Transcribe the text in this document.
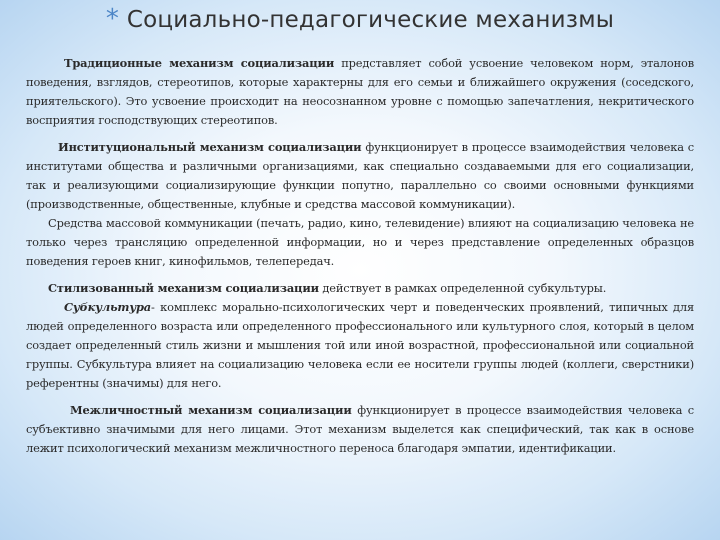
* Социально-педагогические механизмы

Традиционные механизм социализации представляет собой усвоение человеком норм, эталонов поведения, взглядов, стереотипов, которые характерны для его семьи и ближайшего окружения (соседского, приятельского). Это усвоение происходит на неосознанном уровне с помощью запечатления, некритического восприятия господствующих стереотипов.

Институциональный механизм социализации функционирует в процессе взаимодействия человека с институтами общества и различными организациями, как специально создаваемыми для его социализации, так и реализующими социализирующие функции попутно, параллельно со своими основными функциями (производственные, общественные, клубные и средства массовой коммуникации).

Средства массовой коммуникации (печать, радио, кино, телевидение) влияют на социализацию человека не только через трансляцию определенной информации, но и через представление определенных образцов поведения героев книг, кинофильмов, телепередач.

Стилизованный механизм социализации действует в рамках определенной субкультуры.

Субкультура- комплекс морально-психологических черт и поведенческих проявлений, типичных для людей определенного возраста или определенного профессионального или культурного слоя, который в целом создает определенный стиль жизни и мышления той или иной возрастной, профессиональной или социальной группы. Субкультура влияет на социализацию человека если ее носители группы людей (коллеги, сверстники) референтны (значимы) для него.

Межличностный механизм социализации функционирует в процессе взаимодействия человека с субъективно значимыми для него лицами. Этот механизм выделется как специфический, так как в основе лежит психологический механизм межличностного переноса благодаря эмпатии, идентификации.
